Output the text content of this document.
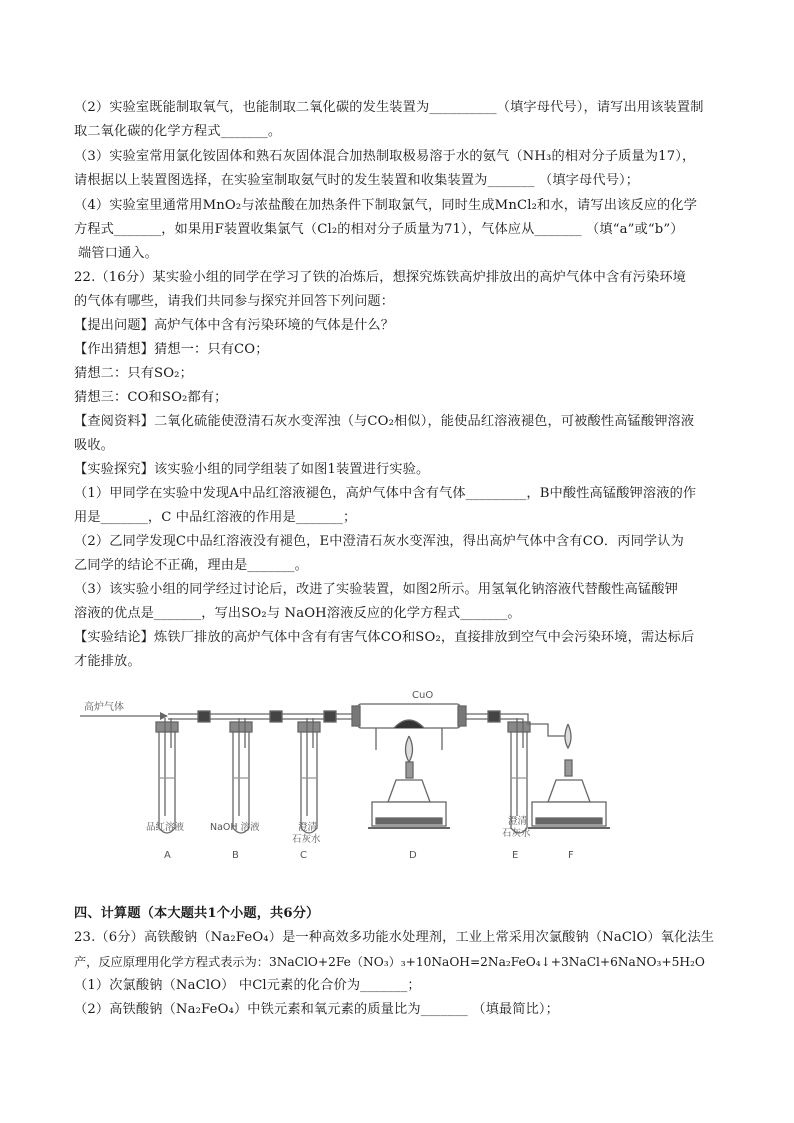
（2）实验室既能制取氧气，也能制取二氧化碳的发生装置为__________（填字母代号），请写出用该装置制
取二氧化碳的化学方程式_______。
（3）实验室常用氯化铵固体和熟石灰固体混合加热制取极易溶于水的氨气（NH₃的相对分子质量为17），
请根据以上装置图选择，在实验室制取氨气时的发生装置和收集装置为_______ （填字母代号）；
（4）实验室里通常用MnO₂与浓盐酸在加热条件下制取氯气，同时生成MnCl₂和水，请写出该反应的化学
方程式_______，如果用F装置收集氯气（Cl₂的相对分子质量为71），气体应从_______ （填“a”或“b”）
端管口通入。
22.（16分）某实验小组的同学在学习了铁的冶炼后，想探究炼铁高炉排放出的高炉气体中含有污染环境
的气体有哪些，请我们共同参与探究并回答下列问题：
【提出问题】高炉气体中含有污染环境的气体是什么？
【作出猜想】猜想一：只有CO；
猜想二：只有SO₂；
猜想三：CO和SO₂都有；
【查阅资料】二氧化硫能使澄清石灰水变浑浊（与CO₂相似），能使品红溶液褪色，可被酸性高锰酸钾溶液
吸收。
【实验探究】该实验小组的同学组装了如图1装置进行实验。
（1）甲同学在实验中发现A中品红溶液褪色，高炉气体中含有气体_________，B中酸性高锰酸钾溶液的作
用是_______，C 中品红溶液的作用是_______；
（2）乙同学发现C中品红溶液没有褪色，E中澄清石灰水变浑浊，得出高炉气体中含有CO．丙同学认为
乙同学的结论不正确，理由是_______。
（3）该实验小组的同学经过讨论后，改进了实验装置，如图2所示。用氢氧化钠溶液代替酸性高锰酸钾
溶液的优点是_______，写出SO₂与 NaOH溶液反应的化学方程式_______。
【实验结论】炼铁厂排放的高炉气体中含有有害气体CO和SO₂，直接排放到空气中会污染环境，需达标后
才能排放。
高炉气体
CuO
品红溶液	NaOH 溶液	澄清
石灰水
澄清
石灰水
A	B	C	D	E	F
四、计算题（本大题共1个小题，共6分）
23.（6分）高铁酸钠（Na₂FeO₄）是一种高效多功能水处理剂，工业上常采用次氯酸钠（NaClO）氧化法生
产，反应原理用化学方程式表示为：3NaClO+2Fe（NO₃）₃+10NaOH=2Na₂FeO₄↓+3NaCl+6NaNO₃+5H₂O
（1）次氯酸钠（NaClO） 中Cl元素的化合价为_______；
（2）高铁酸钠（Na₂FeO₄）中铁元素和氧元素的质量比为_______ （填最简比）；
